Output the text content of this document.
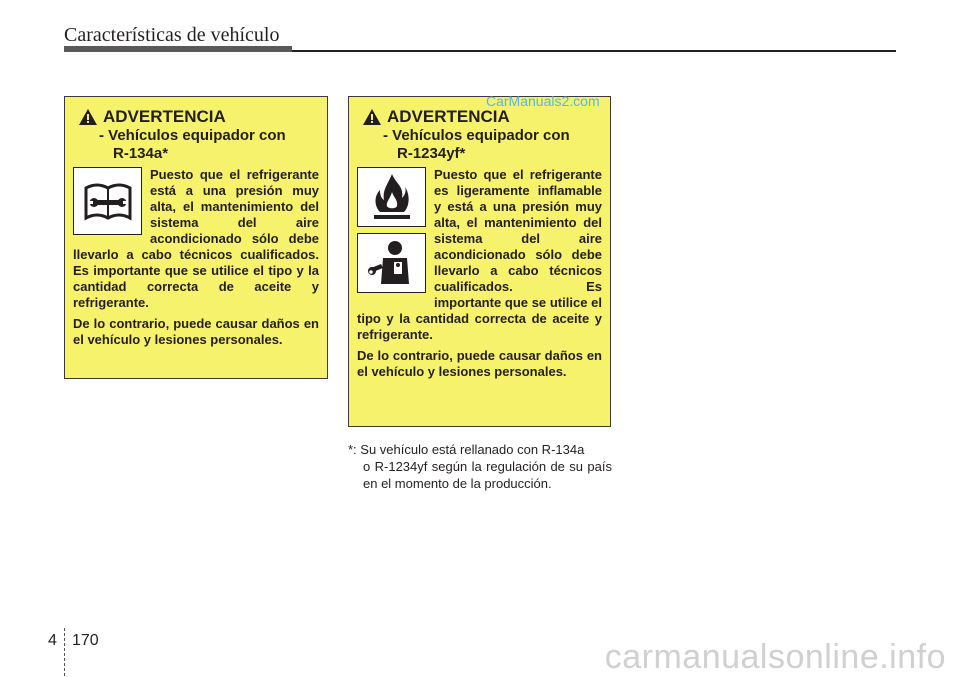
Características de vehículo
ADVERTENCIA
- Vehículos equipador con
R-134a*

Puesto que el refrigerante está a una presión muy alta, el mantenimiento del sistema del aire acondicionado sólo debe llevarlo a cabo técnicos cualificados. Es importante que se utilice el tipo y la cantidad correcta de aceite y refrigerante.

De lo contrario, puede causar daños en el vehículo y lesiones personales.

ADVERTENCIA
- Vehículos equipador con
R-1234yf*

Puesto que el refrigerante es ligeramente inflamable y está a una presión muy alta, el mantenimiento del sistema del aire acondicionado sólo debe llevarlo a cabo técnicos cualificados. Es importante que se utilice el tipo y la cantidad correcta de aceite y refrigerante.

De lo contrario, puede causar daños en el vehículo y lesiones personales.

CarManuals2.com
*: Su vehículo está rellanado con R-134a
o R-1234yf según la regulación de su país en el momento de la producción.
4 170	carmanualsonline.info
